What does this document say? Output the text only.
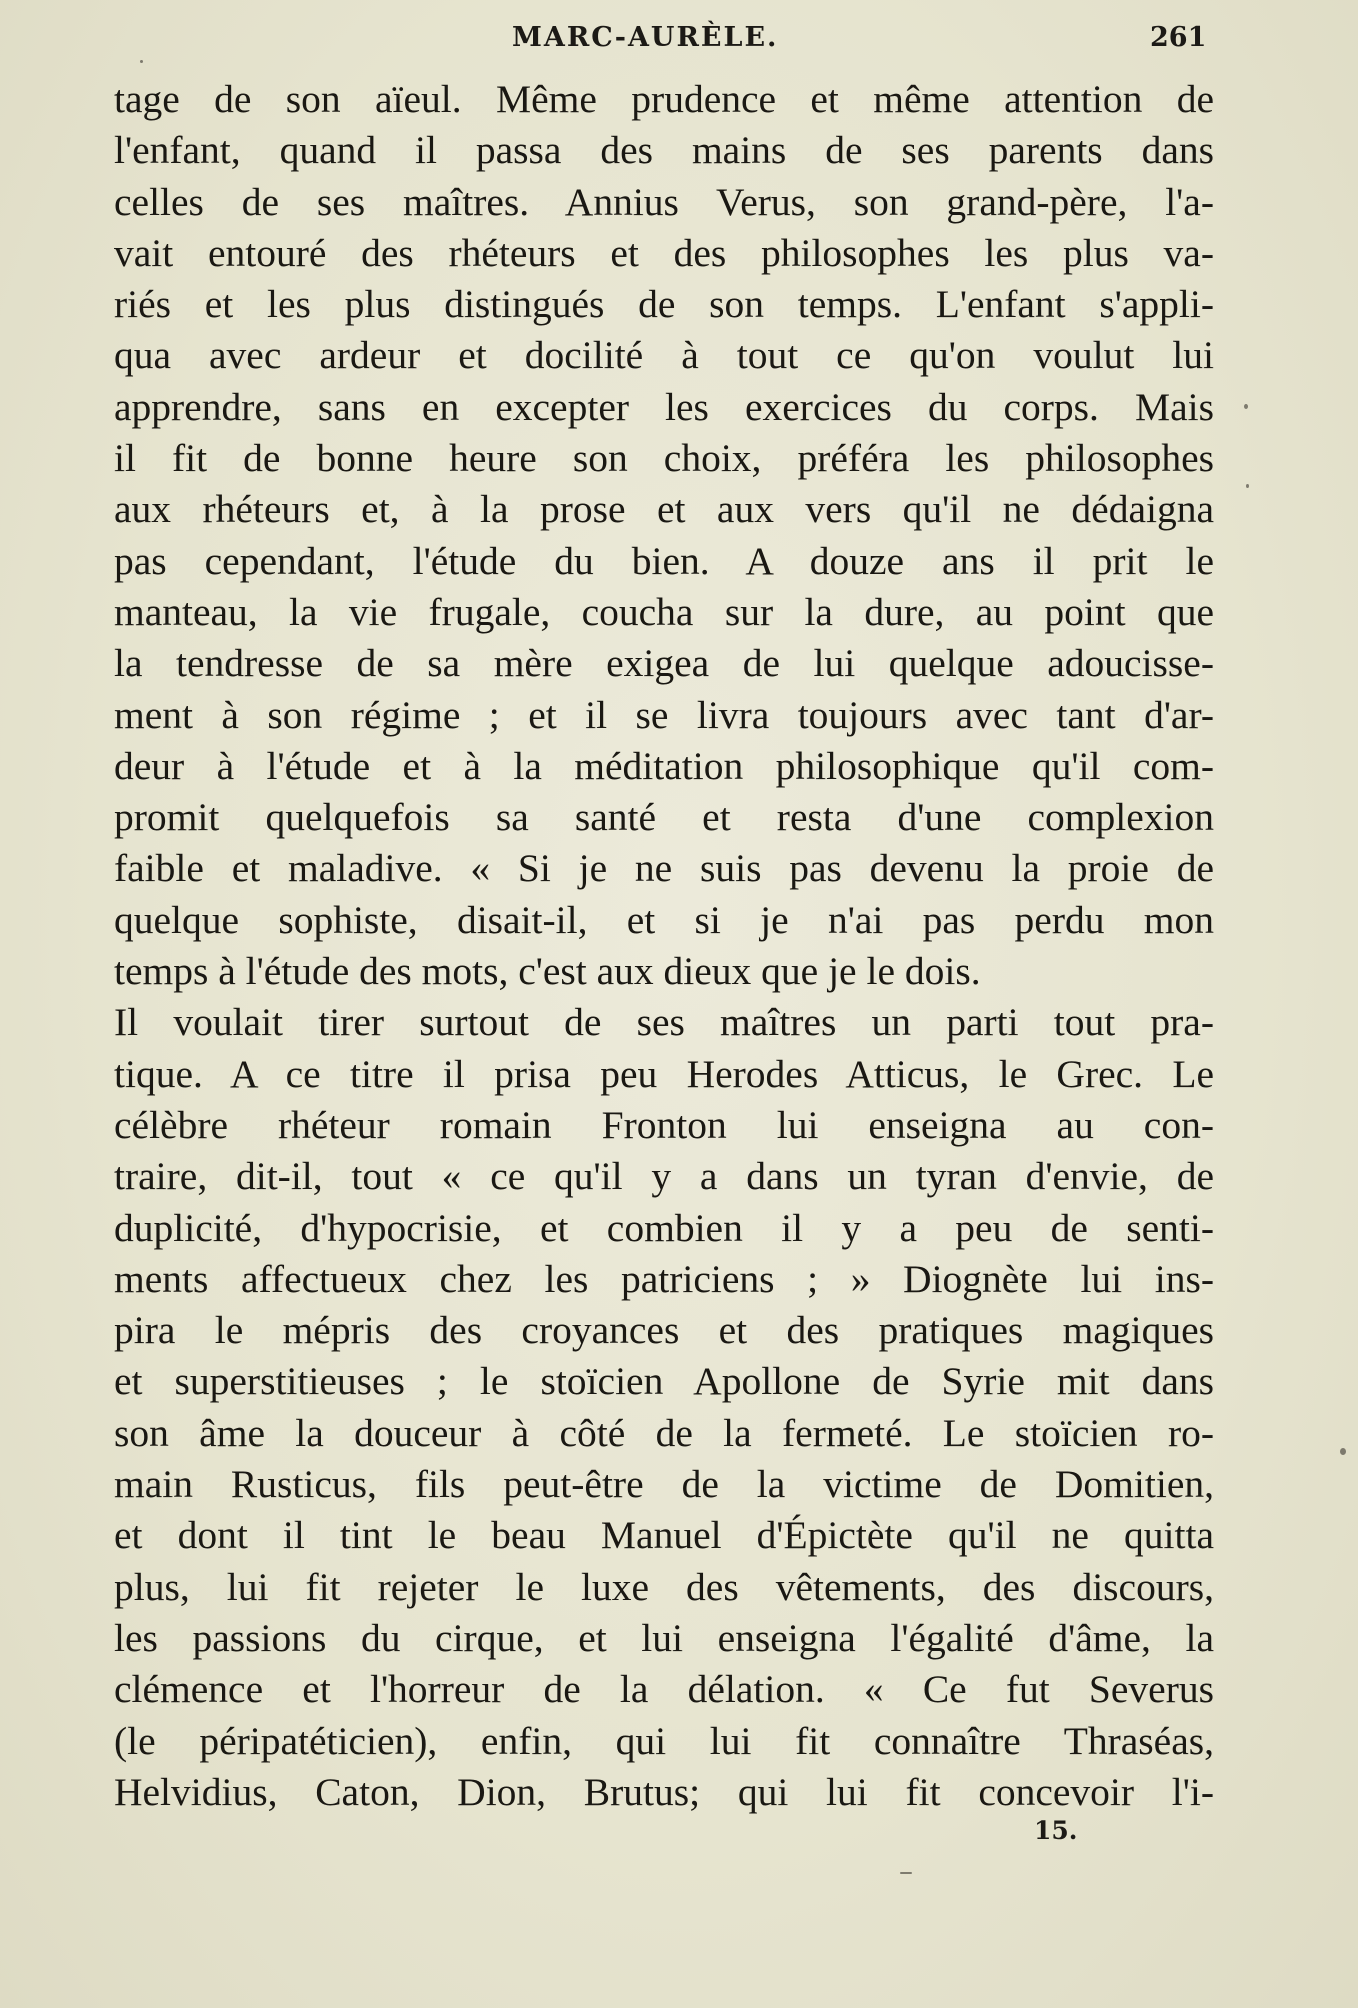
MARC-AURÈLE.	261
tage de son aïeul. Même prudence et même attention de
l'enfant, quand il passa des mains de ses parents dans
celles de ses maîtres. Annius Verus, son grand-père, l'a-
vait entouré des rhéteurs et des philosophes les plus va-
riés et les plus distingués de son temps. L'enfant s'appli-
qua avec ardeur et docilité à tout ce qu'on voulut lui
apprendre, sans en excepter les exercices du corps. Mais
il fit de bonne heure son choix, préféra les philosophes
aux rhéteurs et, à la prose et aux vers qu'il ne dédaigna
pas cependant, l'étude du bien. A douze ans il prit le
manteau, la vie frugale, coucha sur la dure, au point que
la tendresse de sa mère exigea de lui quelque adoucisse-
ment à son régime ; et il se livra toujours avec tant d'ar-
deur à l'étude et à la méditation philosophique qu'il com-
promit quelquefois sa santé et resta d'une complexion
faible et maladive. « Si je ne suis pas devenu la proie de
quelque sophiste, disait-il, et si je n'ai pas perdu mon
temps à l'étude des mots, c'est aux dieux que je le dois.
Il voulait tirer surtout de ses maîtres un parti tout pra-
tique. A ce titre il prisa peu Herodes Atticus, le Grec. Le
célèbre rhéteur romain Fronton lui enseigna au con-
traire, dit-il, tout « ce qu'il y a dans un tyran d'envie, de
duplicité, d'hypocrisie, et combien il y a peu de senti-
ments affectueux chez les patriciens ; » Diognète lui ins-
pira le mépris des croyances et des pratiques magiques
et superstitieuses ; le stoïcien Apollone de Syrie mit dans
son âme la douceur à côté de la fermeté. Le stoïcien ro-
main Rusticus, fils peut-être de la victime de Domitien,
et dont il tint le beau Manuel d'Épictète qu'il ne quitta
plus, lui fit rejeter le luxe des vêtements, des discours,
les passions du cirque, et lui enseigna l'égalité d'âme, la
clémence et l'horreur de la délation. « Ce fut Severus
(le péripatéticien), enfin, qui lui fit connaître Thraséas,
Helvidius, Caton, Dion, Brutus; qui lui fit concevoir l'i-
15.
